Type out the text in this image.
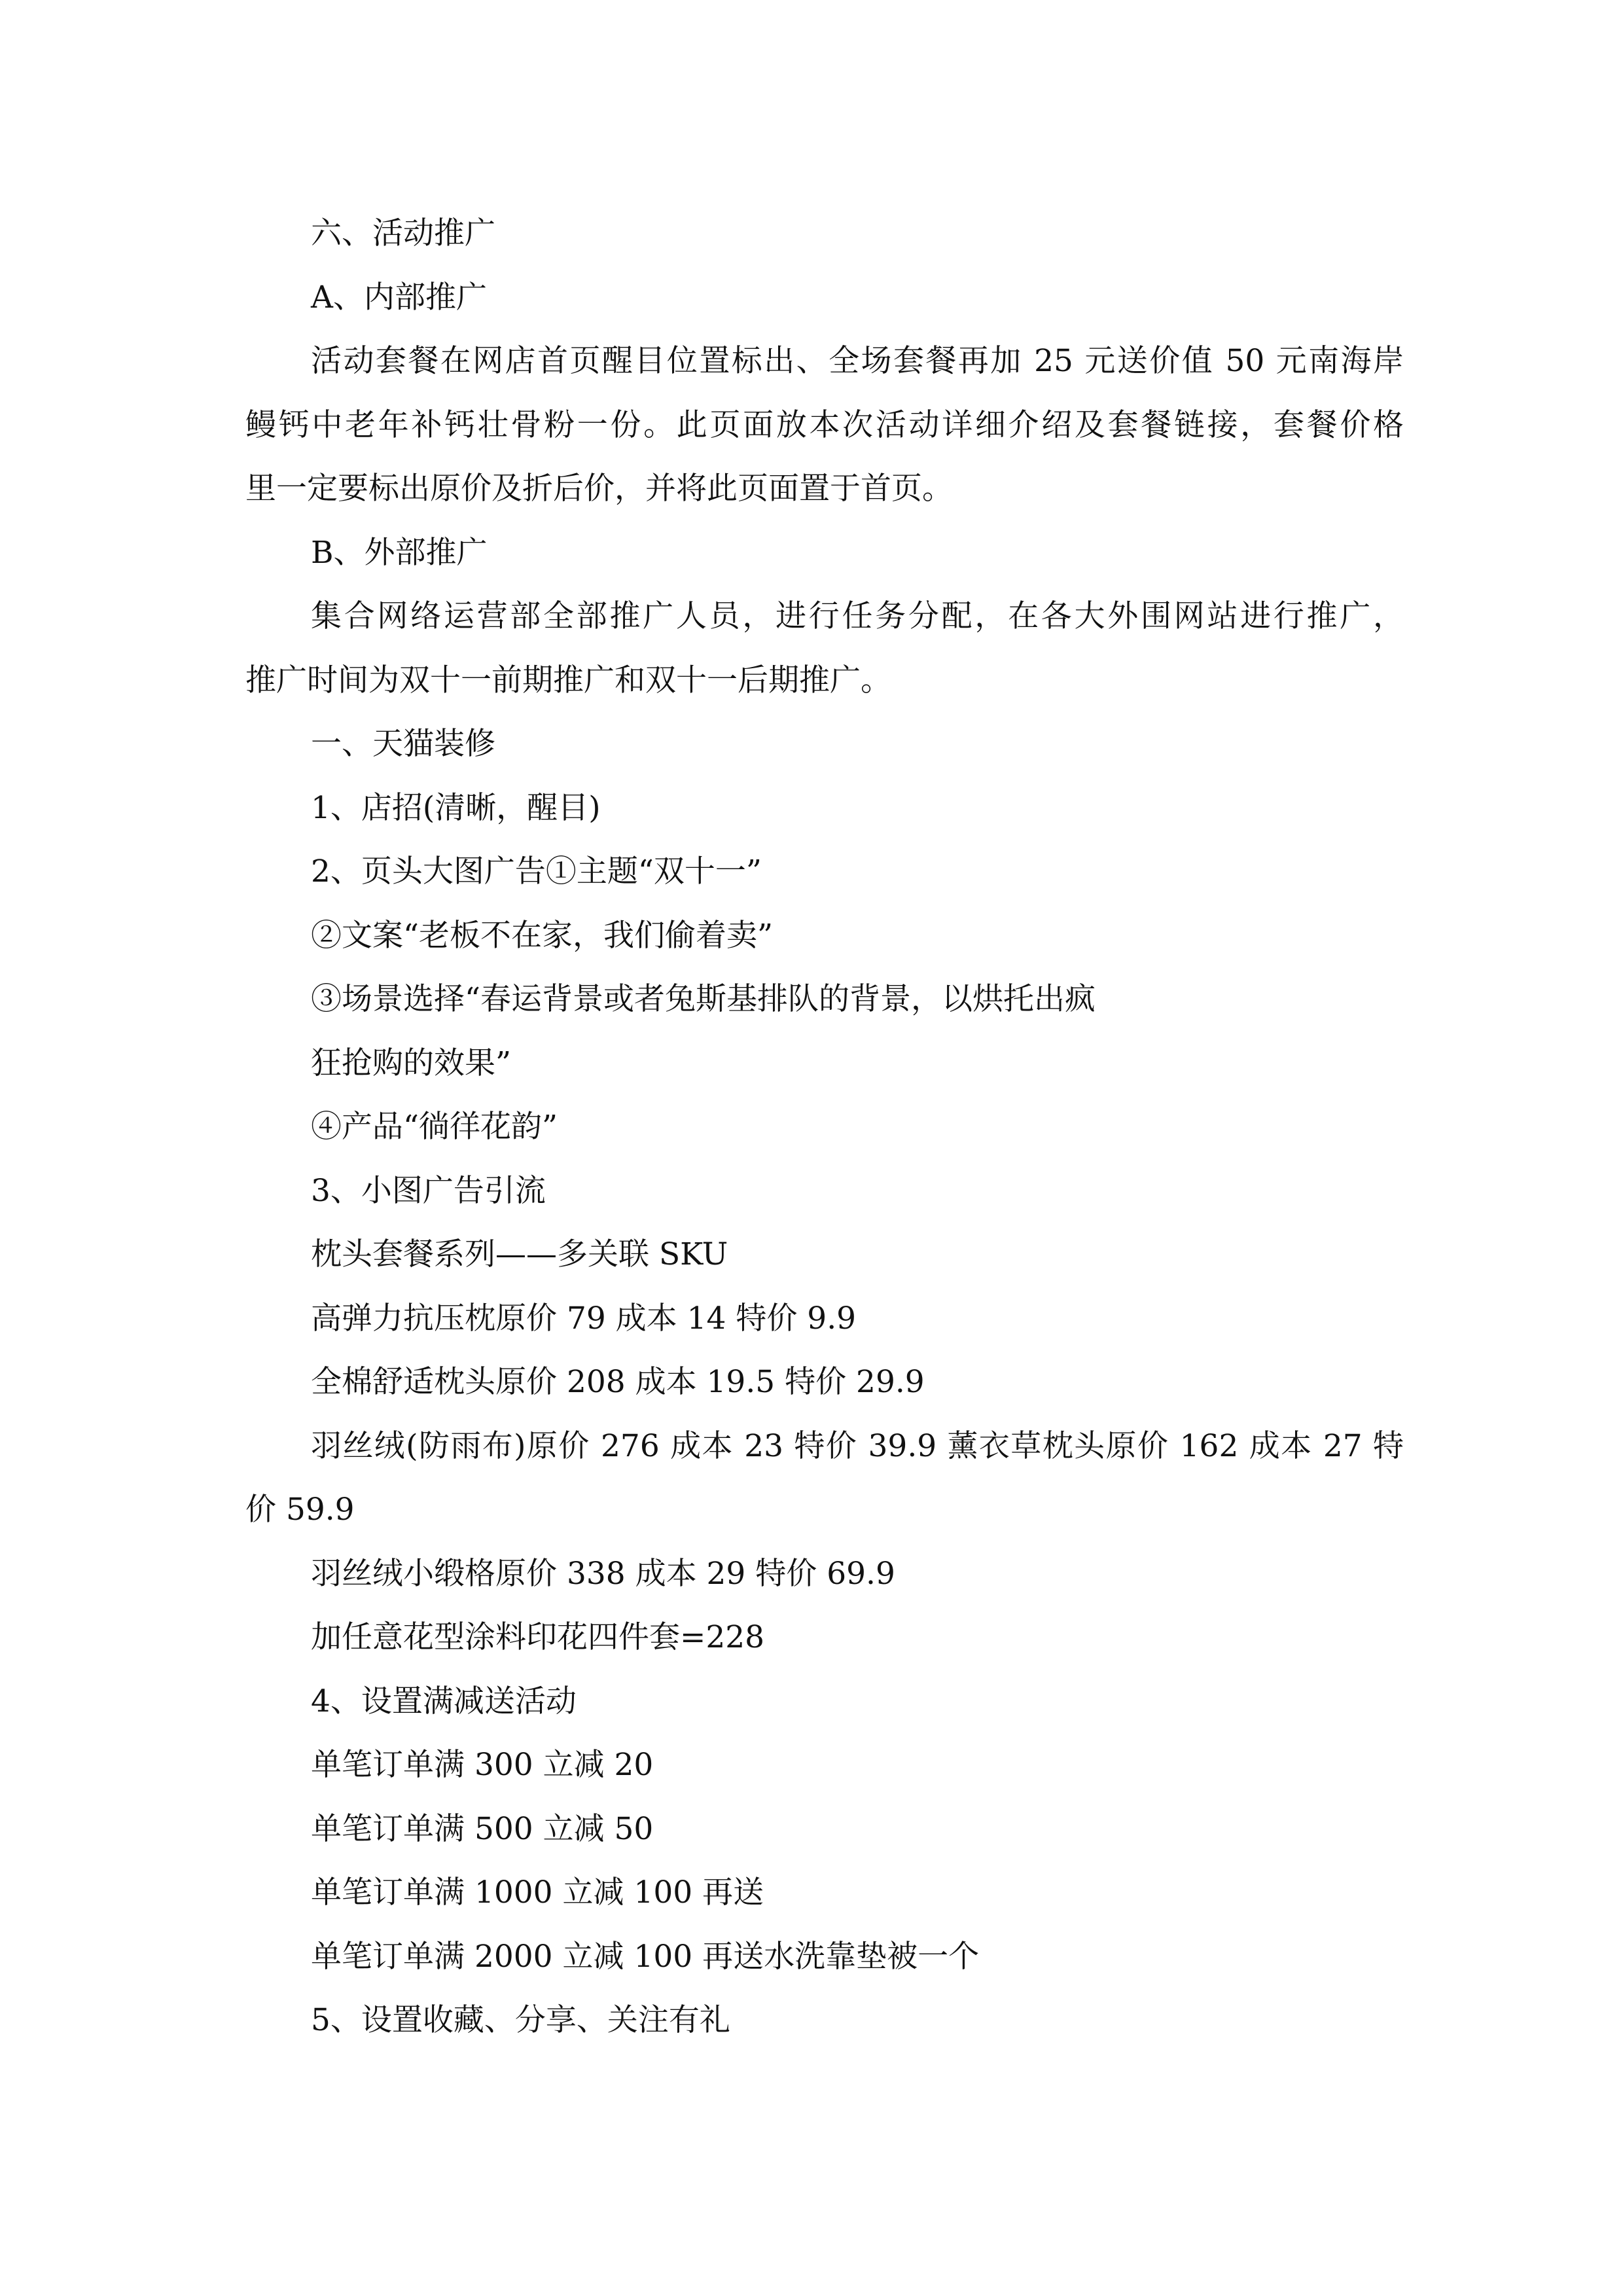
六、活动推广
A、内部推广
活动套餐在网店首页醒目位置标出、全场套餐再加 25 元送价值 50 元南海岸
鳗钙中老年补钙壮骨粉一份。此页面放本次活动详细介绍及套餐链接，套餐价格
里一定要标出原价及折后价，并将此页面置于首页。
B、外部推广
集合网络运营部全部推广人员，进行任务分配，在各大外围网站进行推广，
推广时间为双十一前期推广和双十一后期推广。
一、天猫装修
1、店招(清晰，醒目)
2、页头大图广告①主题“双十一”
②文案“老板不在家，我们偷着卖”
③场景选择“春运背景或者兔斯基排队的背景，以烘托出疯
狂抢购的效果”
④产品“徜徉花韵”
3、小图广告引流
枕头套餐系列——多关联 SKU
高弹力抗压枕原价 79 成本 14 特价 9.9
全棉舒适枕头原价 208 成本 19.5 特价 29.9
羽丝绒(防雨布)原价 276 成本 23 特价 39.9 薰衣草枕头原价 162 成本 27 特
价 59.9
羽丝绒小缎格原价 338 成本 29 特价 69.9
加任意花型涂料印花四件套=228
4、设置满减送活动
单笔订单满 300 立减 20
单笔订单满 500 立减 50
单笔订单满 1000 立减 100 再送
单笔订单满 2000 立减 100 再送水洗靠垫被一个
5、设置收藏、分享、关注有礼
